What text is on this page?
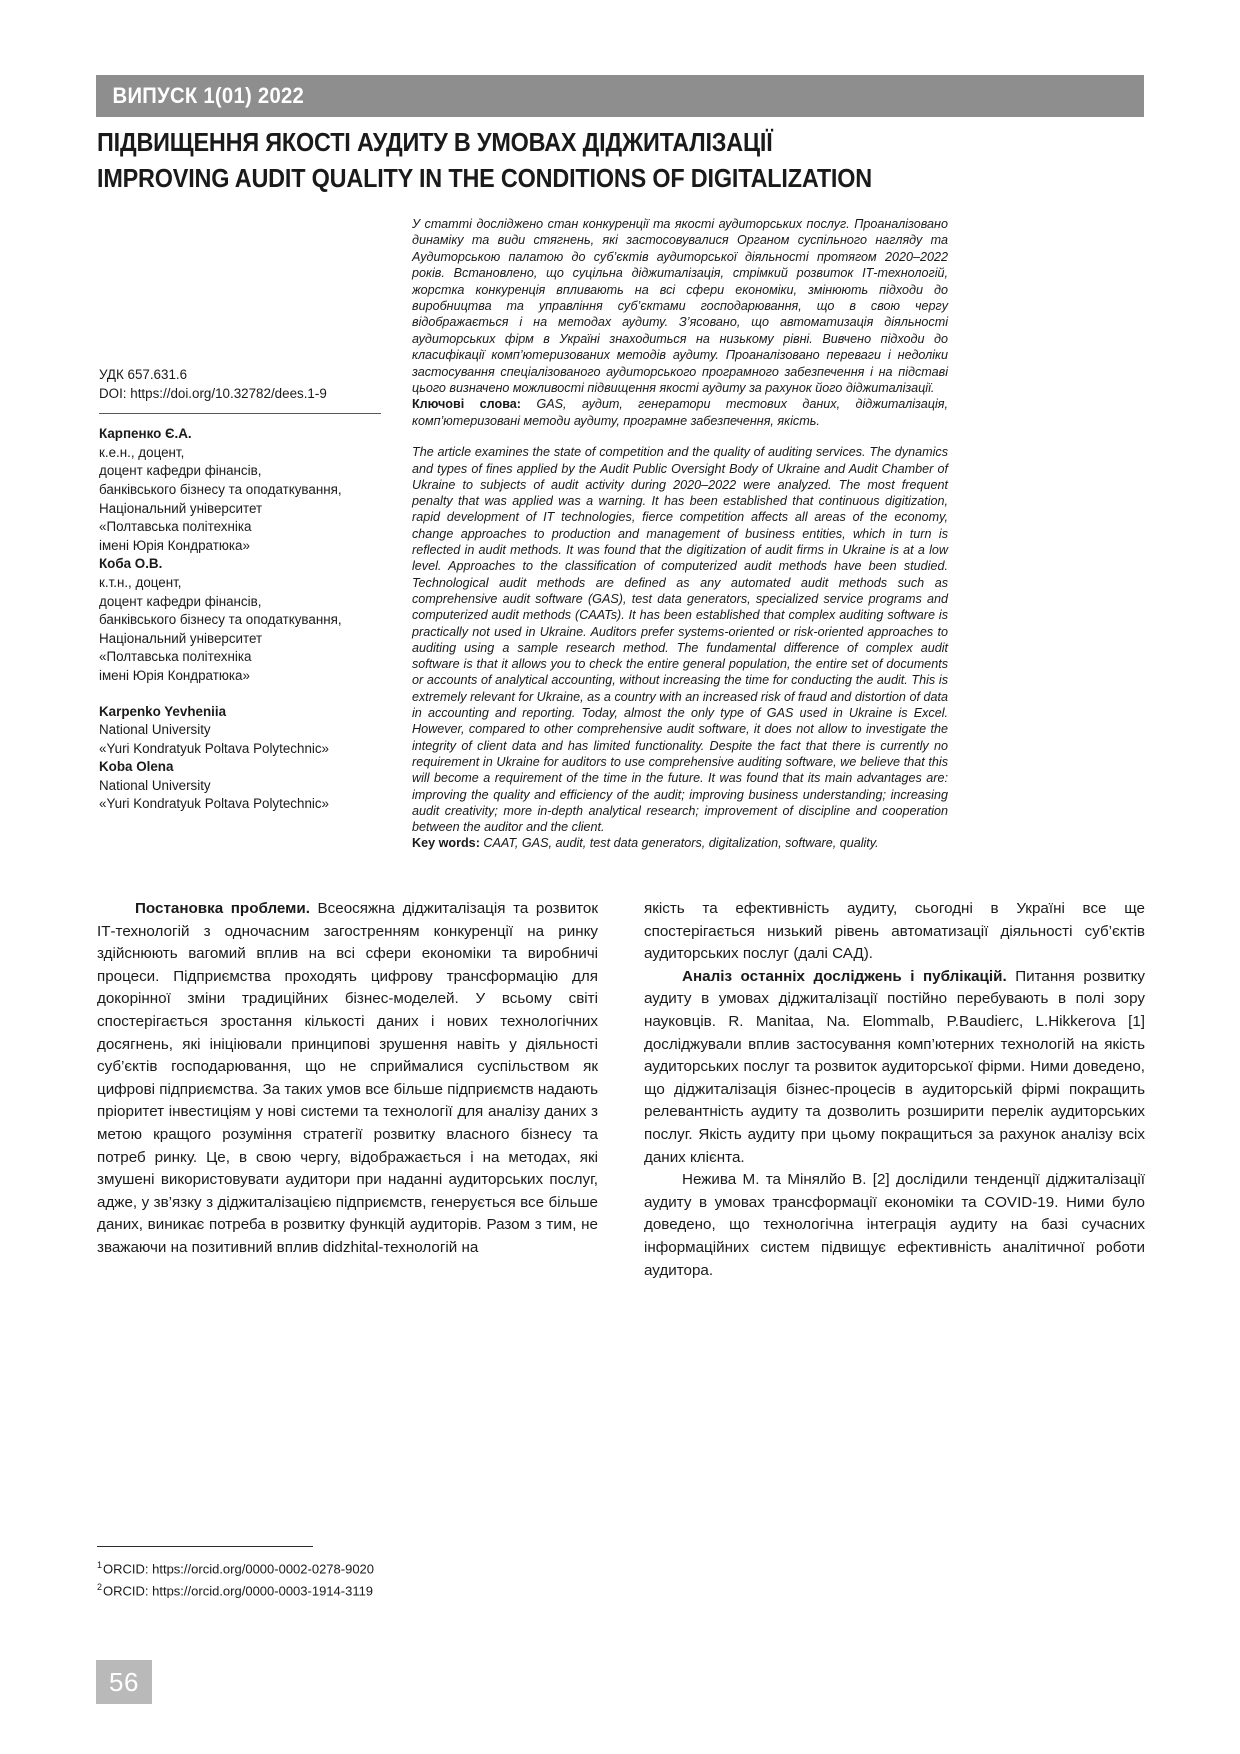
ВИПУСК 1(01) 2022
ПІДВИЩЕННЯ ЯКОСТІ АУДИТУ В УМОВАХ ДІДЖИТАЛІЗАЦІЇ
IMPROVING AUDIT QUALITY IN THE CONDITIONS OF DIGITALIZATION

УДК 657.631.6

DOI: https://doi.org/10.32782/dees.1-9

Карпенко Є.А.

к.е.н., доцент,

доцент кафедри фінансів,

банківського бізнесу та оподаткування,

Національний університет

«Полтавська політехніка

імені Юрія Кондратюка»

Коба О.В.

к.т.н., доцент,

доцент кафедри фінансів,

банківського бізнесу та оподаткування,

Національний університет

«Полтавська політехніка

імені Юрія Кондратюка»

Karpenko Yevheniia

National University

«Yuri Kondratyuk Poltava Polytechnic»

Koba Olena

National University

«Yuri Kondratyuk Poltava Polytechnic»

У статті досліджено стан конкуренції та якості аудиторських послуг. Проаналізовано динаміку та види стягнень, які застосовувалися Органом суспільного нагляду та Аудиторською палатою до суб’єктів аудиторської діяльності протягом 2020–2022 років. Встановлено, що суцільна діджиталізація, стрімкий розвиток ІТ-технологій, жорстка конкуренція впливають на всі сфери економіки, змінюють підходи до виробництва та управління суб’єктами господарювання, що в свою чергу відображається і на методах аудиту. З’ясовано, що автоматизація діяльності аудиторських фірм в Україні знаходиться на низькому рівні. Вивчено підходи до класифікації комп’ютеризованих методів аудиту. Проаналізовано переваги і недоліки застосування спеціалізованого аудиторського програмного забезпечення і на підставі цього визначено можливості підвищення якості аудиту за рахунок його діджиталізації.

Ключові слова: GAS, аудит, генератори тестових даних, діджиталізація, комп’ютеризовані методи аудиту, програмне забезпечення, якість.

The article examines the state of competition and the quality of auditing services. The dynamics and types of fines applied by the Audit Public Oversight Body of Ukraine and Audit Chamber of Ukraine to subjects of audit activity during 2020–2022 were analyzed. The most frequent penalty that was applied was a warning. It has been established that continuous digitization, rapid development of IT technologies, fierce competition affects all areas of the economy, change approaches to production and management of business entities, which in turn is reflected in audit methods. It was found that the digitization of audit firms in Ukraine is at a low level. Approaches to the classification of computerized audit methods have been studied. Technological audit methods are defined as any automated audit methods such as comprehensive audit software (GAS), test data generators, specialized service programs and computerized audit methods (CAATs). It has been established that complex auditing software is practically not used in Ukraine. Auditors prefer systems-oriented or risk-oriented approaches to auditing using a sample research method. The fundamental difference of complex audit software is that it allows you to check the entire general population, the entire set of documents or accounts of analytical accounting, without increasing the time for conducting the audit. This is extremely relevant for Ukraine, as a country with an increased risk of fraud and distortion of data in accounting and reporting. Today, almost the only type of GAS used in Ukraine is Excel. However, compared to other comprehensive audit software, it does not allow to investigate the integrity of client data and has limited functionality. Despite the fact that there is currently no requirement in Ukraine for auditors to use comprehensive auditing software, we believe that this will become a requirement of the time in the future. It was found that its main advantages are: improving the quality and efficiency of the audit; improving business understanding; increasing audit creativity; more in-depth analytical research; improvement of discipline and cooperation between the auditor and the client.

Key words: CAAT, GAS, audit, test data generators, digitalization, software, quality.

Постановка проблеми. Всеосяжна діджиталізація та розвиток ІТ-технологій з одночасним загостренням конкуренції на ринку здійснюють вагомий вплив на всі сфери економіки та виробничі процеси. Підприємства проходять цифрову трансформацію для докорінної зміни традиційних бізнес-моделей. У всьому світі спостерігається зростання кількості даних і нових технологічних досягнень, які ініціювали принципові зрушення навіть у діяльності суб’єктів господарювання, що не сприймалися суспільством як цифрові підприємства. За таких умов все більше підприємств надають пріоритет інвестиціям у нові системи та технології для аналізу даних з метою кращого розуміння стратегії розвитку власного бізнесу та потреб ринку. Це, в свою чергу, відображається і на методах, які змушені використовувати аудитори при наданні аудиторських послуг, адже, у зв’язку з діджиталізацією підприємств, генерується все більше даних, виникає потреба в розвитку функцій аудиторів. Разом з тим, не зважаючи на позитивний вплив didzhital-технологій на

якість та ефективність аудиту, сьогодні в Україні все ще спостерігається низький рівень автоматизації діяльності суб’єктів аудиторських послуг (далі САД).

Аналіз останніх досліджень і публікацій. Питання розвитку аудиту в умовах діджиталізації постійно перебувають в полі зору науковців. R. Manitaa, Na. Elommalb, P.Baudierc, L.Hikkerova [1] досліджували вплив застосування комп’ютерних технологій на якість аудиторських послуг та розвиток аудиторської фірми. Ними доведено, що діджиталізація бізнес-процесів в аудиторській фірмі покращить релевантність аудиту та дозволить розширити перелік аудиторських послуг. Якість аудиту при цьому покращиться за рахунок аналізу всіх даних клієнта.

Нежива М. та Мінялйо В. [2] дослідили тенденції діджиталізації аудиту в умовах трансформації економіки та COVID-19. Ними було доведено, що технологічна інтеграція аудиту на базі сучасних інформаційних систем підвищує ефективність аналітичної роботи аудитора.

$^1$ORCID: https://orcid.org/0000-0002-0278-9020

$^2$ORCID: https://orcid.org/0000-0003-1914-3119

56
